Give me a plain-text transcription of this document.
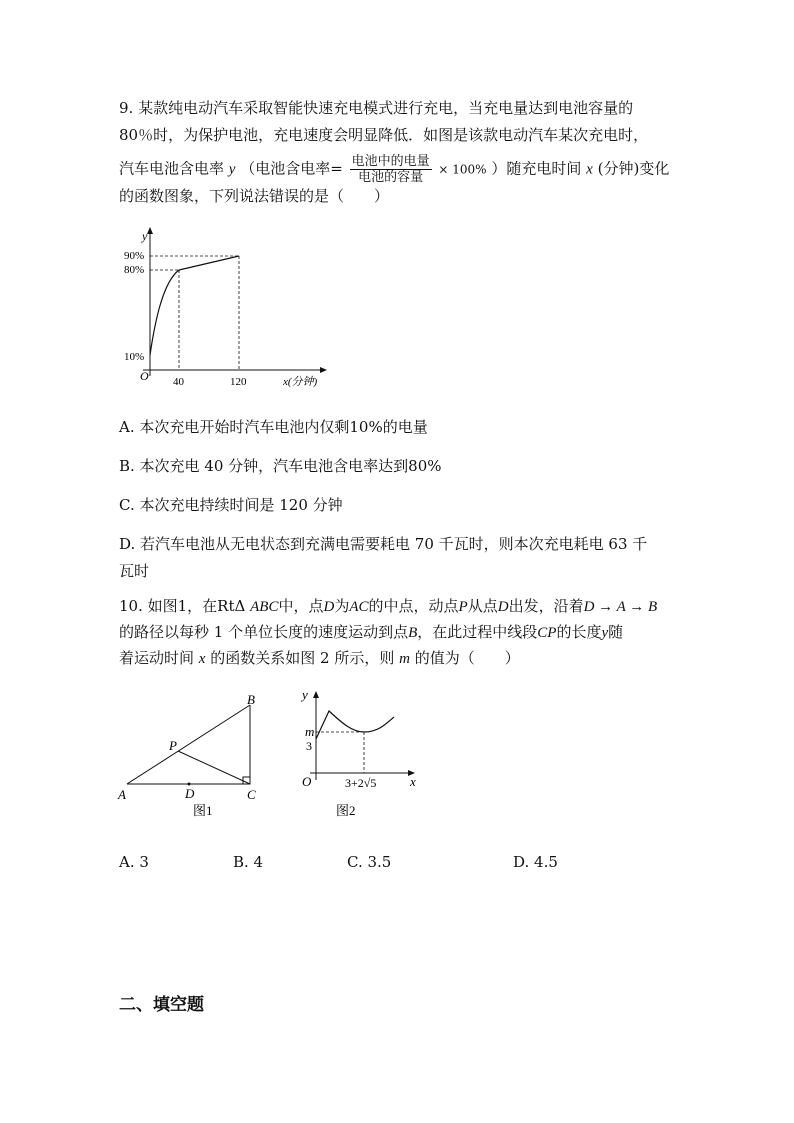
9. 某款纯电动汽车采取智能快速充电模式进行充电，当充电量达到电池容量的
80％时，为保护电池，充电速度会明显降低．如图是该款电动汽车某次充电时，
汽车电池含电率 y （电池含电率= $\frac{\text{电池中的电量}}{\text{电池的容量}} \times 100\%$ ）随充电时间 x (分钟)变化
的函数图象，下列说法错误的是（　　）
90%
80%
10%
y
O 40	120	x(分钟)
A. 本次充电开始时汽车电池内仅剩10%的电量
B. 本次充电 40 分钟，汽车电池含电率达到80%
C. 本次充电持续时间是 120 分钟
D. 若汽车电池从无电状态到充满电需要耗电 70 千瓦时，则本次充电耗电 63 千
瓦时
10. 如图1，在RtΔ ABC中，点D为AC的中点，动点P从点D出发，沿着D → A → B
的路径以每秒 1 个单位长度的速度运动到点B，在此过程中线段CP的长度y随
着运动时间 x 的函数关系如图 2 所示，则 m 的值为（　　）
A
B
C
D
P
图1
y
m
3
O	3+2√5	x
图2
A. 3	B. 4	C. 3.5	D. 4.5
二、填空题
